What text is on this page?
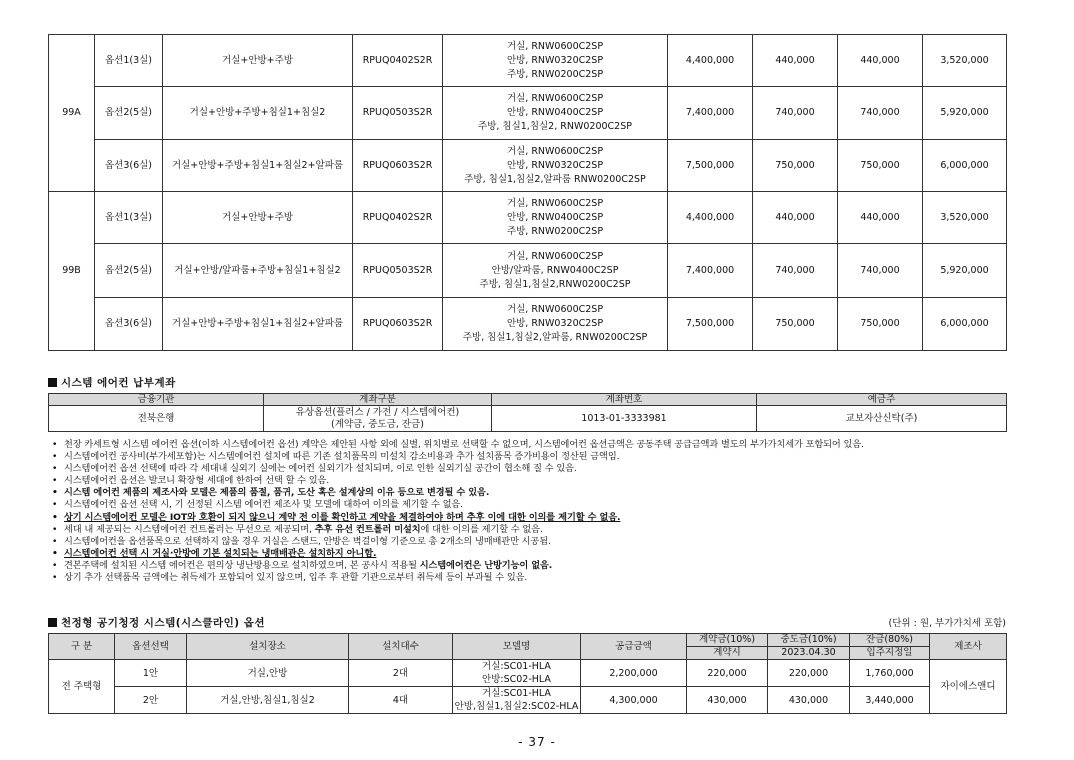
99A	옵션1(3실)	거실+안방+주방	RPUQ0402S2R	거실, RNW0600C2SP
안방, RNW0320C2SP
주방, RNW0200C2SP	4,400,000	440,000	440,000	3,520,000
	옵션2(5실)	거실+안방+주방+침실1+침실2	RPUQ0503S2R	거실, RNW0600C2SP
안방, RNW0400C2SP
주방, 침실1,침실2, RNW0200C2SP	7,400,000	740,000	740,000	5,920,000
	옵션3(6실)	거실+안방+주방+침실1+침실2+알파룸	RPUQ0603S2R	거실, RNW0600C2SP
안방, RNW0320C2SP
주방, 침실1,침실2,알파룸 RNW0200C2SP	7,500,000	750,000	750,000	6,000,000
99B	옵션1(3실)	거실+안방+주방	RPUQ0402S2R	거실, RNW0600C2SP
안방, RNW0400C2SP
주방, RNW0200C2SP	4,400,000	440,000	440,000	3,520,000
	옵션2(5실)	거실+안방/알파룸+주방+침실1+침실2	RPUQ0503S2R	거실, RNW0600C2SP
안방/알파룸, RNW0400C2SP
주방, 침실1,침실2,RNW0200C2SP	7,400,000	740,000	740,000	5,920,000
	옵션3(6실)	거실+안방+주방+침실1+침실2+알파룸	RPUQ0603S2R	거실, RNW0600C2SP
안방, RNW0320C2SP
주방, 침실1,침실2,알파룸, RNW0200C2SP	7,500,000	750,000	750,000	6,000,000
시스템 에어컨 납부계좌
금융기관	계좌구분	계좌번호	예금주
전북은행	유상옵션(플러스 / 가전 / 시스템에어컨)
(계약금, 중도금, 잔금)	1013-01-3333981	교보자산신탁(주)
• 천장 카세트형 시스템 에어컨 옵션(이하 시스템에어컨 옵션) 계약은 제안된 사항 외에 실별, 위치별로 선택할 수 없으며, 시스템에어컨 옵션금액은 공동주택 공급금액과 별도의 부가가치세가 포함되어 있음.
• 시스템에어컨 공사비(부가세포함)는 시스템에어컨 설치에 따른 기존 설치품목의 미설치 감소비용과 추가 설치품목 증가비용이 정산된 금액임.
• 시스템에어컨 옵션 선택에 따라 각 세대내 실외기 실에는 에어컨 실외기가 설치되며, 이로 인한 실외기실 공간이 협소해 질 수 있음.
• 시스템에어컨 옵션은 발코니 확장형 세대에 한하여 선택 할 수 있음.
• 시스템 에어컨 제품의 제조사와 모델은 제품의 품절, 품귀, 도산 혹은 설계상의 이유 등으로 변경될 수 있음.
• 시스템에어컨 옵션 선택 시, 기 선정된 시스템 에어컨 제조사 및 모델에 대하여 이의를 제기할 수 없음.
• 상기 시스템에어컨 모델은 IOT와 호환이 되지 않으니 계약 전 이를 확인하고 계약을 체결하여야 하며 추후 이에 대한 이의를 제기할 수 없음.
• 세대 내 제공되는 시스템에어컨 컨트롤러는 무선으로 제공되며, 추후 유선 컨트롤러 미설치에 대한 이의를 제기할 수 없음.
• 시스템에어컨을 옵션품목으로 선택하지 않을 경우 거실은 스탠드, 안방은 벽걸이형 기준으로 총 2개소의 냉매배관만 시공됨.
• 시스템에어컨 선택 시 거실·안방에 기본 설치되는 냉매배관은 설치하지 아니함.
• 견본주택에 설치된 시스템 에어컨은 편의상 냉난방용으로 설치하였으며, 본 공사시 적용될 시스템에어컨은 난방기능이 없음.
• 상기 추가 선택품목 금액에는 취득세가 포함되어 있지 않으며, 입주 후 관할 기관으로부터 취득세 등이 부과될 수 있음.
천정형 공기청정 시스템(시스클라인) 옵션	(단위 : 원, 부가가치세 포함)
구 분	옵션선택	설치장소	설치대수	모델명	공급금액	계약금(10%)	중도금(10%)	잔금(80%)	제조사
						계약시	2023.04.30	입주지정일	
전 주택형	1안	거실,안방	2대	거실:SC01-HLA
안방:SC02-HLA	2,200,000	220,000	220,000	1,760,000	자이에스앤디
	2안	거실,안방,침실1,침실2	4대	거실:SC01-HLA
안방,침실1,침실2:SC02-HLA	4,300,000	430,000	430,000	3,440,000	
- 37 -
